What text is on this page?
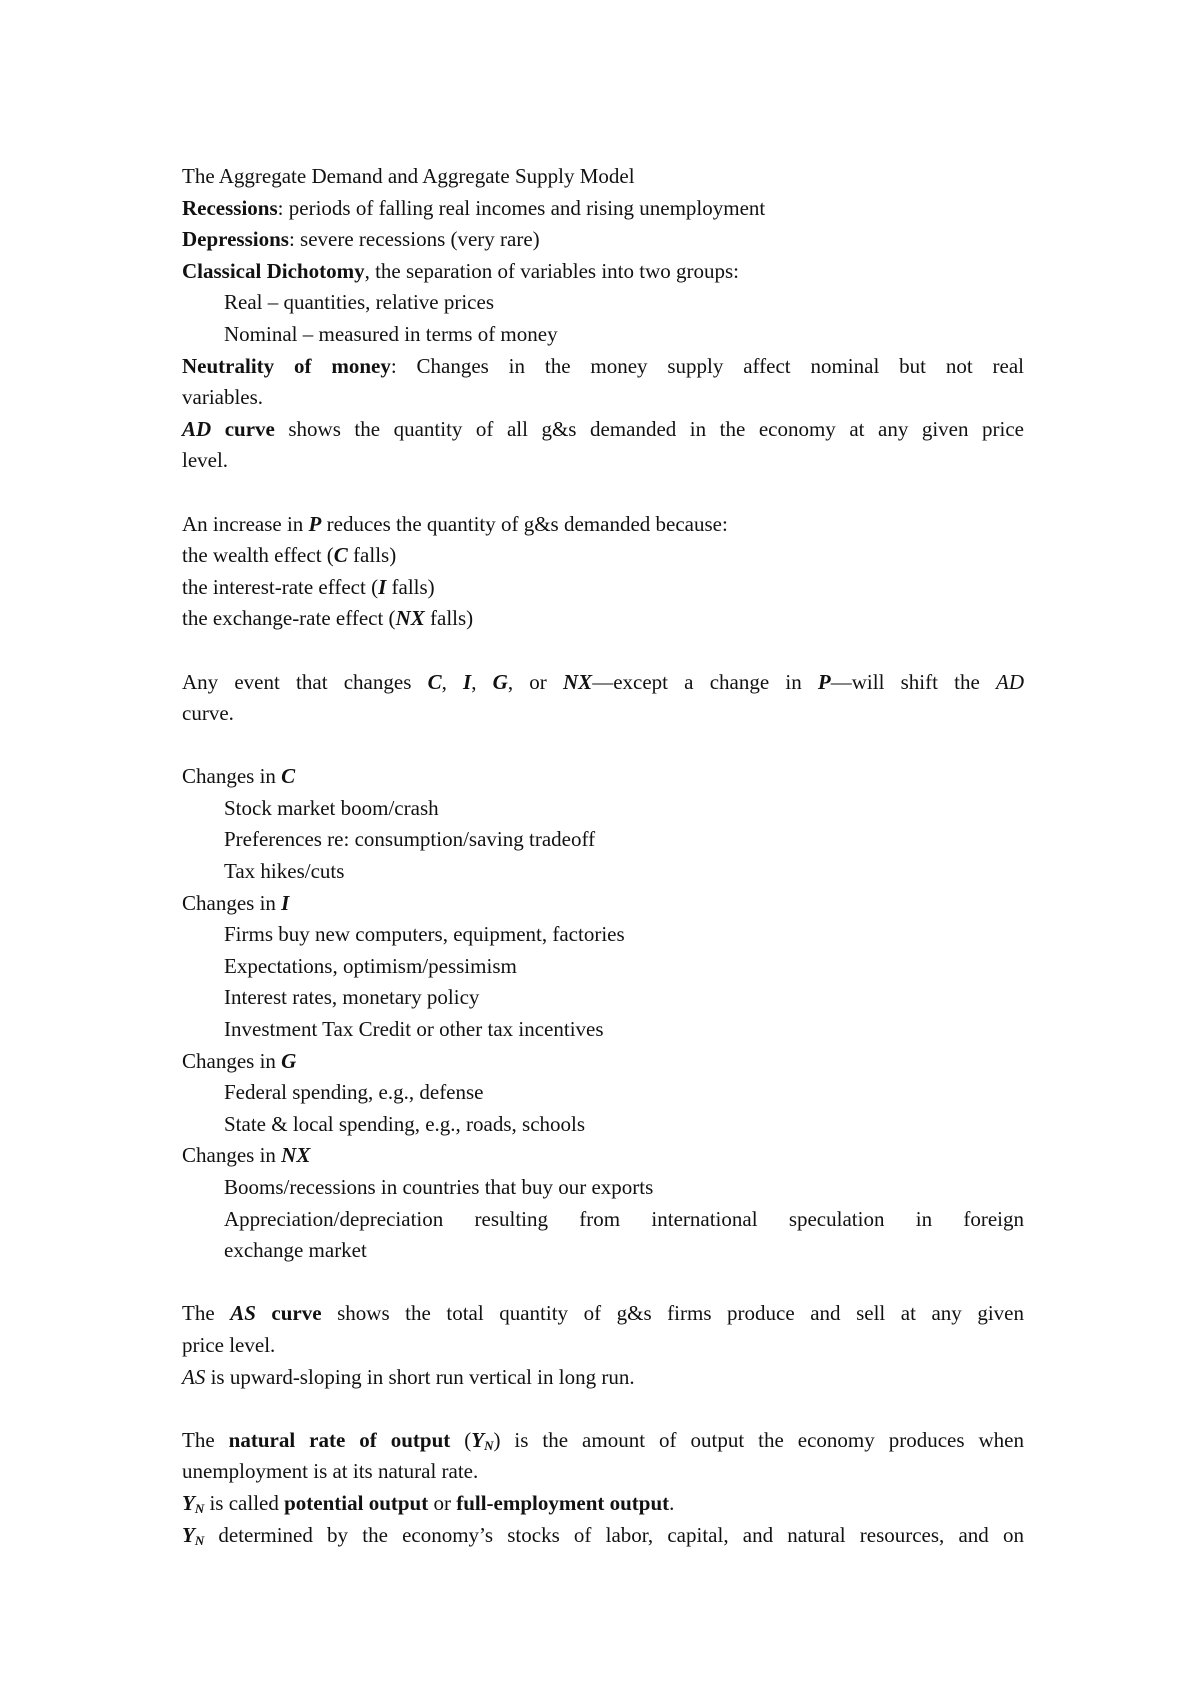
The Aggregate Demand and Aggregate Supply Model
Recessions: periods of falling real incomes and rising unemployment
Depressions: severe recessions (very rare)
Classical Dichotomy, the separation of variables into two groups:
Real – quantities, relative prices
Nominal – measured in terms of money
Neutrality of money: Changes in the money supply affect nominal but not real
variables.
AD curve shows the quantity of all g&s demanded in the economy at any given price
level.
An increase in P reduces the quantity of g&s demanded because:
the wealth effect (C falls)
the interest-rate effect (I falls)
the exchange-rate effect (NX falls)
Any event that changes C, I, G, or NX—except a change in P—will shift the AD
curve.
Changes in C
Stock market boom/crash
Preferences re: consumption/saving tradeoff
Tax hikes/cuts
Changes in I
Firms buy new computers, equipment, factories
Expectations, optimism/pessimism
Interest rates, monetary policy
Investment Tax Credit or other tax incentives
Changes in G
Federal spending, e.g., defense
State & local spending, e.g., roads, schools
Changes in NX
Booms/recessions in countries that buy our exports
Appreciation/depreciation resulting from international speculation in foreign
exchange market
The AS curve shows the total quantity of g&s firms produce and sell at any given
price level.
AS is upward-sloping in short run vertical in long run.
The natural rate of output $(Y_N)$ is the amount of output the economy produces when
unemployment is at its natural rate.
$Y_N$ is called potential output or full-employment output.
$Y_N$ determined by the economy’s stocks of labor, capital, and natural resources, and on
